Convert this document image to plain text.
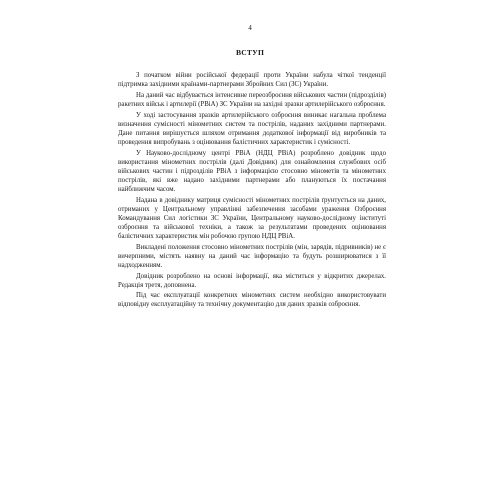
4
ВСТУП

З початком війни російської федерації проти України набула чіткої тенденції підтримка західними країнами-партнерами Збройних Сил (ЗС) України.

На даний час відбувається інтенсивне переозброєння військових частин (підрозділів) ракетних військ і артилерії (РВіА) ЗС України на західні зразки артилерійського озброєння.

У ході застосування зразків артилерійського озброєння виникає нагальна проблема визначення сумісності мінометних систем та пострілів, наданих західними партнерами. Дане питання вирішується шляхом отримання додаткової інформації від виробників та проведення випробувань з оцінювання балістичних характеристик і сумісності.

У Науково-дослідному центрі РВіА (НДЦ РВіА) розроблено довідник щодо використання мінометних пострілів (далі Довідник) для ознайомлення службових осіб військових частин і підрозділів РВіА з інформацією стосовно мінометів та мінометних пострілів, які вже надано західними партнерами або плануються їх постачання найближчим часом.

Надана в довідникy матриця сумісності мінометних пострілів ґрунтується на даних, отриманих у Центральному управлінні забезпечення засобами ураження Озброєння Командування Сил логістики ЗС України, Центральному науково-дослідному інституті озброєння та військової техніки, а також за результатами проведених оцінювання балістичних характеристик мін робочою групою НДЦ РВіА.

Викладені положення стосовно мінометних пострілів (мін, зарядів, підривників) не є вичерпними, містять наявну на даний час інформацію та будуть розширюватися з її надходженням.

Довідник розроблено на основі інформації, яка міститься у відкритих джерелах. Редакція третя, доповнена.

Під час експлуатації конкретних мінометних систем необхідно використовувати відповідну експлуатаційну та технічну документацію для даних зразків озброєння.
